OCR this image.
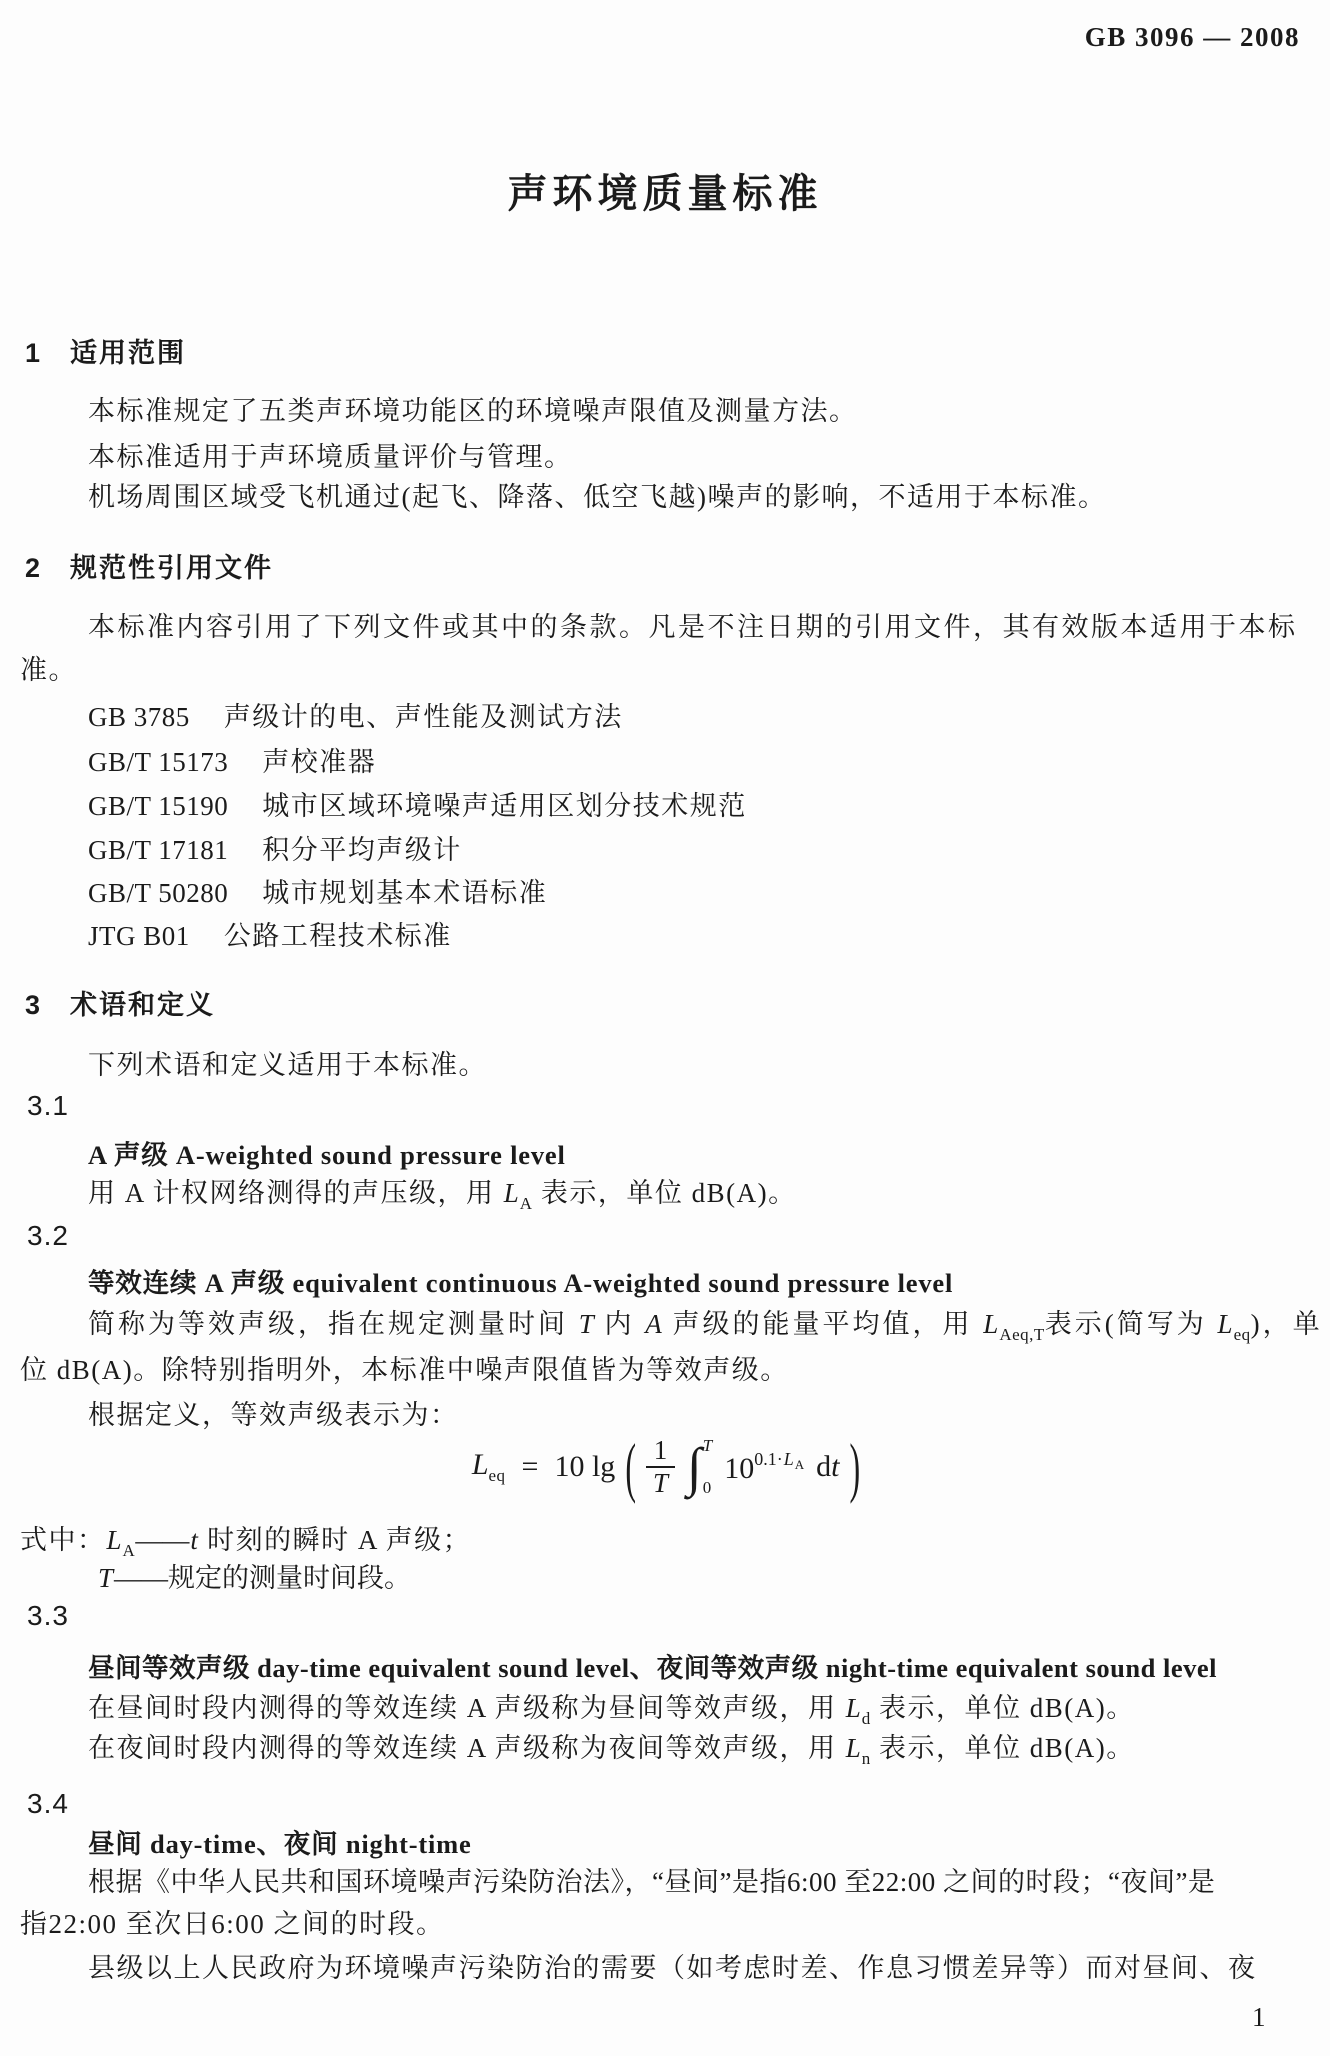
GB 3096 — 2008
声环境质量标准
1 适用范围
本标准规定了五类声环境功能区的环境噪声限值及测量方法。
本标准适用于声环境质量评价与管理。
机场周围区域受飞机通过(起飞、降落、低空飞越)噪声的影响，不适用于本标准。
2 规范性引用文件
本标准内容引用了下列文件或其中的条款。凡是不注日期的引用文件，其有效版本适用于本标
准。
GB 3785 声级计的电、声性能及测试方法
GB/T 15173 声校准器
GB/T 15190 城市区域环境噪声适用区划分技术规范
GB/T 17181 积分平均声级计
GB/T 50280 城市规划基本术语标准
JTG B01 公路工程技术标准
3 术语和定义
下列术语和定义适用于本标准。
3.1
A 声级 A-weighted sound pressure level
用 A 计权网络测得的声压级，用 $L_A$ 表示，单位 dB(A)。
3.2
等效连续 A 声级 equivalent continuous A-weighted sound pressure level
简称为等效声级，指在规定测量时间 T 内 A 声级的能量平均值，用 $L_{Aeq,T}$表示(简写为 $L_{eq}$)，单
位 dB(A)。除特别指明外，本标准中噪声限值皆为等效声级。
根据定义，等效声级表示为：
$L_{eq} = 10$ lg ( $\frac{1}{T}$ ∫ T
0
$10^{0.1\cdot L_A}$ dt )
式中：$L_A——t$ 时刻的瞬时 A 声级；
T——规定的测量时间段。
3.3
昼间等效声级 day-time equivalent sound level、夜间等效声级 night-time equivalent sound level
在昼间时段内测得的等效连续 A 声级称为昼间等效声级，用 $L_d$ 表示，单位 dB(A)。
在夜间时段内测得的等效连续 A 声级称为夜间等效声级，用 $L_n$ 表示，单位 dB(A)。
3.4
昼间 day-time、夜间 night-time
根据《中华人民共和国环境噪声污染防治法》，“昼间”是指6:00 至22:00 之间的时段；“夜间”是
指22:00 至次日6:00 之间的时段。
县级以上人民政府为环境噪声污染防治的需要（如考虑时差、作息习惯差异等）而对昼间、夜
1
